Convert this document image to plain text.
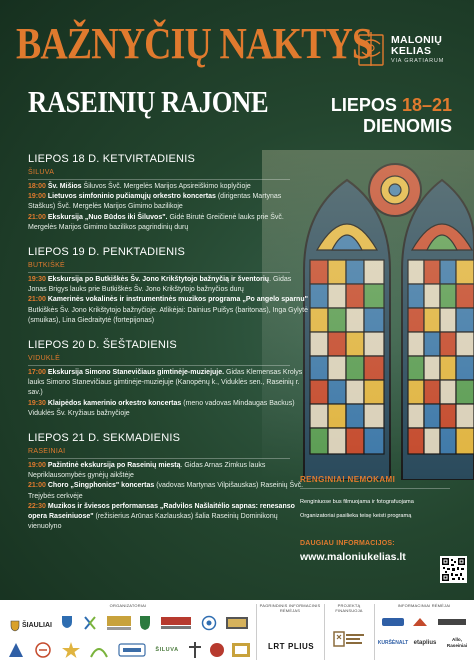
BAŽNYČIŲ NAKTYS
RASEINIŲ RAJONE
MALONIŲ
KELIAS
VIA GRATIARUM
LIEPOS 18–21
DIENOMIS
LIEPOS 18 D. KETVIRTADIENIS
ŠILUVA
18:00 Šv. Mišios Šiluvos Švč. Mergelės Marijos Apsireiškimo koplyčioje
19:00 Lietuvos simfoninio pučiamųjų orkestro koncertas (dirigentas Martynas Staškus) Švč. Mergelės Marijos Gimimo bazilikoje
21:00 Ekskursija „Nuo Būdos iki Šiluvos". Gidė Birutė Greičienė lauks prie Švč. Mergelės Marijos Gimimo bazilikos pagrindinių durų
LIEPOS 19 D. PENKTADIENIS
BUTKIŠKĖ
19:30 Ekskursija po Butkiškės Šv. Jono Krikštytojo bažnyčią ir šventorių. Gidas Jonas Brigys lauks prie Butkiškės Šv. Jono Krikštytojo bažnyčios durų
21:00 Kamerinės vokalinės ir instrumentinės muzikos programa „Po angelo sparnu" Butkiškės Šv. Jono Krikštytojo bažnyčioje. Atlikėjai: Dainius Puišys (baritonas), Inga Gylytė (smuikas), Lina Giedraitytė (fortepijonas)
LIEPOS 20 D. ŠEŠTADIENIS
VIDUKLĖ
17:00 Ekskursija Simono Stanevičiaus gimtinėje-muziejuje. Gidas Klemensas Krolys lauks Simono Stanevičiaus gimtinėje-muziejuje (Kanopėnų k., Viduklės sen., Raseinių r. sav.)
19:30 Klaipėdos kamerinio orkestro koncertas (meno vadovas Mindaugas Backus) Viduklės Šv. Kryžiaus bažnyčioje
LIEPOS 21 D. SEKMADIENIS
RASEINIAI
19:00 Pažintinė ekskursija po Raseinių miestą. Gidas Arnas Zimkus lauks Nepriklausomybės gynėjų aikštėje
21:00 Choro „Singphonics" koncertas (vadovas Martynas Vilpišauskas) Raseinių Švč. Trejybės cerkvėje
22:30 Muzikos ir šviesos performansas „Radvilos Našlaitėlio sapnas: renesanso opera Raseiniuose" (režisierius Arūnas Kazlauskas) šalia Raseinių Dominikonų vienuolyno
RENGINIAI NEMOKAMI
Renginiuose bus filmuojama ir fotografuojama
Organizatoriai pasilieka teisę keisti programą
DAUGIAU INFORMACIJOS:
www.maloniukelias.lt
ORGANIZATORIAI	PAGRINDINIS INFORMACINIS RĖMĖJAS
PROJEKTĄ FINANSUOJA
INFORMACINIAI RĖMĖJAI
ŠIAULIAI
ŠILUVA	LRT PLIUS	KURŠĖNALT etaplius
Allo, Raseiniai
